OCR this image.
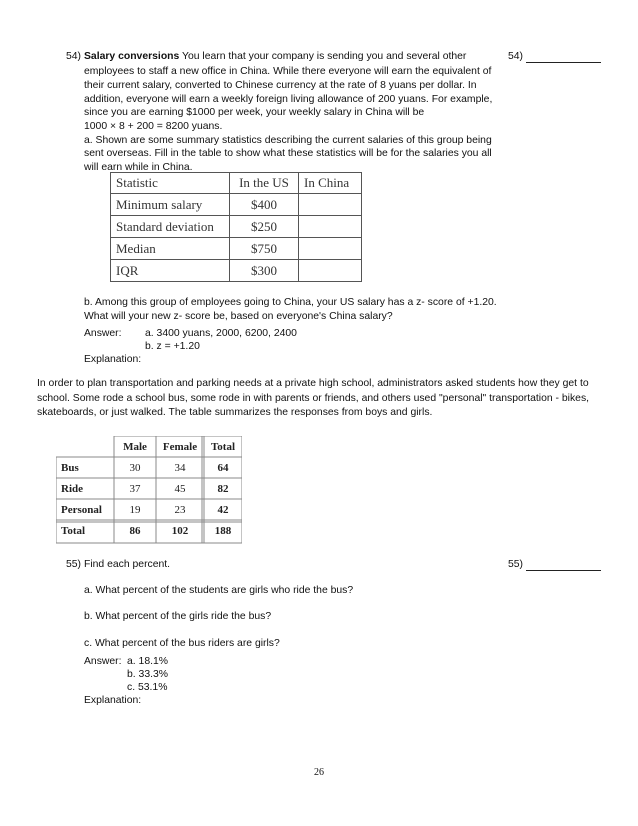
54) Salary conversions You learn that your company is sending you and several other	54)
employees to staff a new office in China. While there everyone will earn the equivalent of
their current salary, converted to Chinese currency at the rate of 8 yuans per dollar. In
addition, everyone will earn a weekly foreign living allowance of 200 yuans. For example,
since you are earning $1000 per week, your weekly salary in China will be
1000 × 8 + 200 = 8200 yuans.
a. Shown are some summary statistics describing the current salaries of this group being
sent overseas. Fill in the table to show what these statistics will be for the salaries you all
will earn while in China.
Statistic	In the US	In China
Minimum salary	$400	
Standard deviation	$250	
Median	$750	
IQR	$300	
b. Among this group of employees going to China, your US salary has a z- score of +1.20.
What will your new z- score be, based on everyone's China salary?
Answer: a. 3400 yuans, 2000, 6200, 2400
b. z = +1.20
Explanation:
In order to plan transportation and parking needs at a private high school, administrators asked students how they get to
school. Some rode a school bus, some rode in with parents or friends, and others used "personal" transportation - bikes,
skateboards, or just walked. The table summarizes the responses from boys and girls.
	Male	Female	Total
Bus	30	34	64
Ride	37	45	82
Personal	19	23	42
Total	86	102	188
55) Find each percent.	55)
a. What percent of the students are girls who ride the bus?
b. What percent of the girls ride the bus?
c. What percent of the bus riders are girls?
Answer: a. 18.1%
b. 33.3%
c. 53.1%
Explanation:
26
